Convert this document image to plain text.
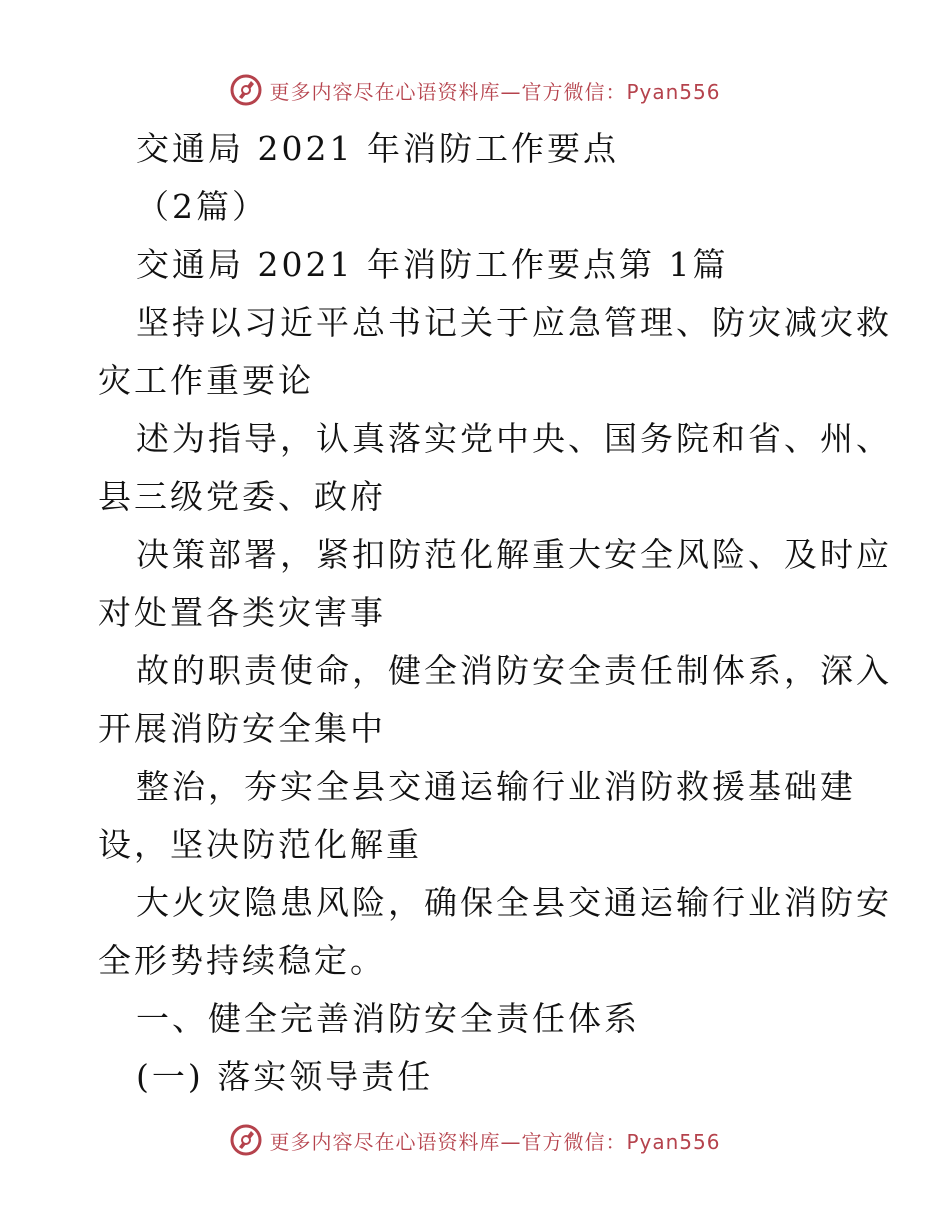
更多内容尽在心语资料库—官方微信：Pyan556
交通局 2021 年消防工作要点
（2篇）
交通局 2021 年消防工作要点第 1篇
坚持以习近平总书记关于应急管理、防灾减灾救
灾工作重要论
述为指导，认真落实党中央、国务院和省、州、
县三级党委、政府
决策部署，紧扣防范化解重大安全风险、及时应
对处置各类灾害事
故的职责使命，健全消防安全责任制体系，深入
开展消防安全集中
整治，夯实全县交通运输行业消防救援基础建
设，坚决防范化解重
大火灾隐患风险，确保全县交通运输行业消防安
全形势持续稳定。
一、健全完善消防安全责任体系
(一) 落实领导责任
更多内容尽在心语资料库—官方微信：Pyan556
